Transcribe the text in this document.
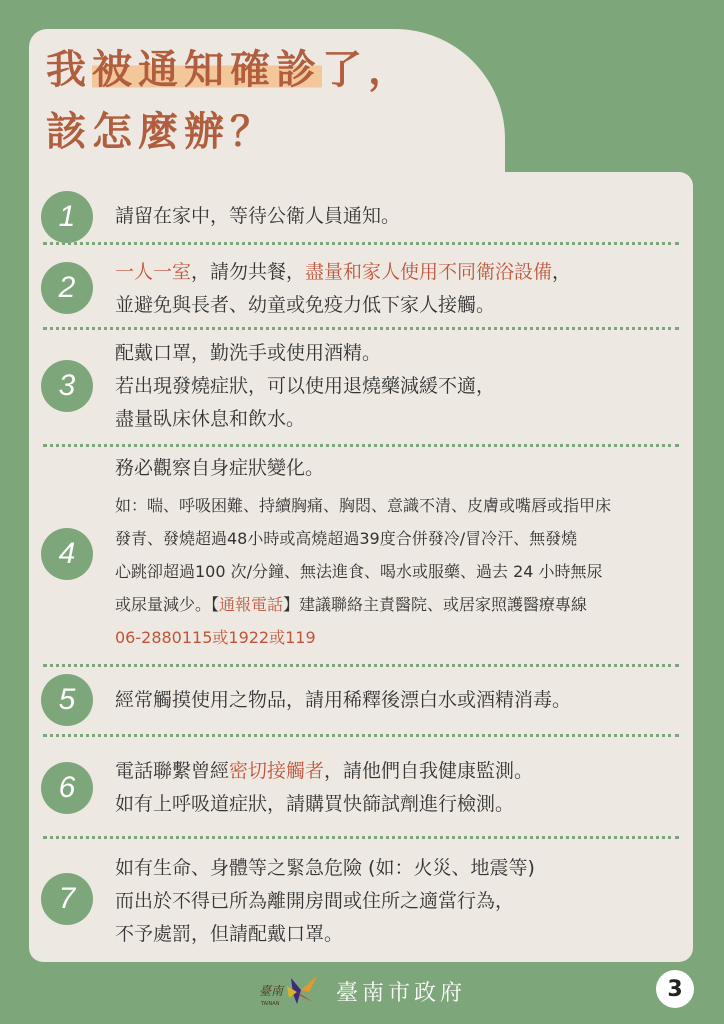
我被通知確診了，
該怎麼辦？
1	請留在家中，等待公衛人員通知。
2	一人一室，請勿共餐，盡量和家人使用不同衛浴設備，
並避免與長者、幼童或免疫力低下家人接觸。
3
配戴口罩，勤洗手或使用酒精。
若出現發燒症狀，可以使用退燒藥減緩不適，
盡量臥床休息和飲水。
4
務必觀察自身症狀變化。
如：喘、呼吸困難、持續胸痛、胸悶、意識不清、皮膚或嘴唇或指甲床
發青、發燒超過48小時或高燒超過39度合併發冷/冒冷汗、無發燒
心跳卻超過100 次/分鐘、無法進食、喝水或服藥、過去 24 小時無尿
或尿量減少。【通報電話】建議聯絡主責醫院、或居家照護醫療專線
06-2880115或1922或119
5	經常觸摸使用之物品，請用稀釋後漂白水或酒精消毒。
6	電話聯繫曾經密切接觸者，請他們自我健康監測。
如有上呼吸道症狀，請購買快篩試劑進行檢測。
7
如有生命、身體等之緊急危險 (如：火災、地震等)
而出於不得已所為離開房間或住所之適當行為，
不予處罰，但請配戴口罩。
臺南
TAINAN	臺南市政府	3
